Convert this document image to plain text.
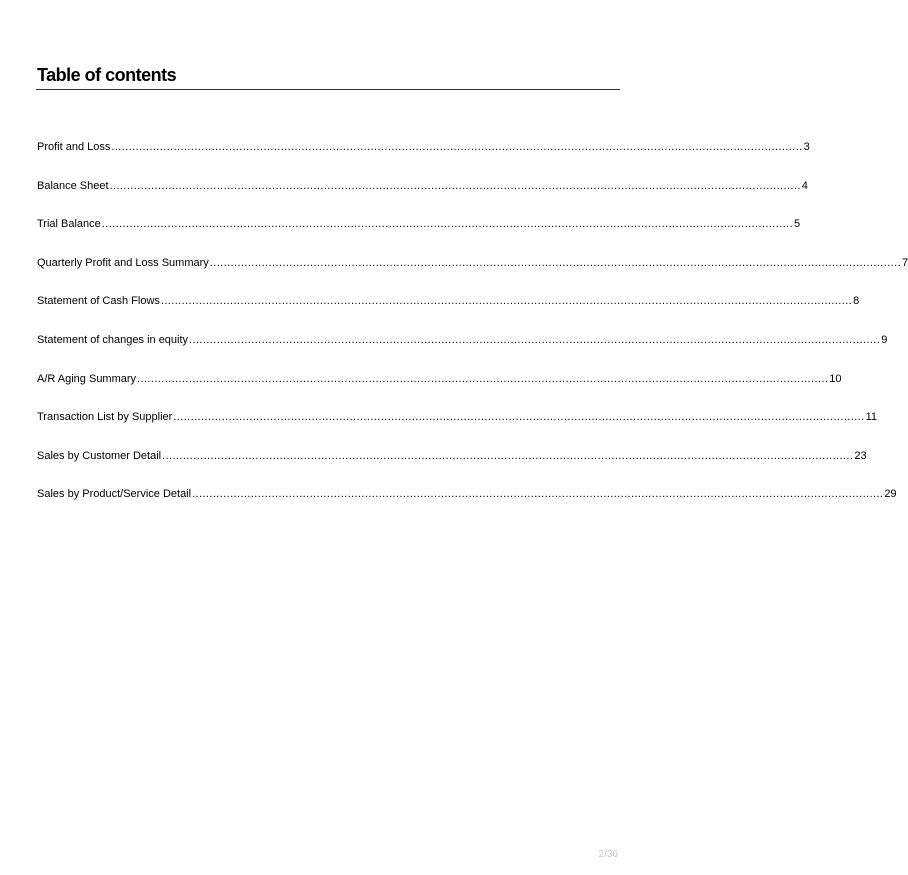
Table of contents
Profit and Loss ........................................................................................................................................................................................................ 3
Balance Sheet ........................................................................................................................................................................................................ 4
Trial Balance ........................................................................................................................................................................................................ 5
Quarterly Profit and Loss Summary ........................................................................................................................................................................................................ 7
Statement of Cash Flows ........................................................................................................................................................................................................ 8
Statement of changes in equity ........................................................................................................................................................................................................ 9
A/R Aging Summary ........................................................................................................................................................................................................ 10
Transaction List by Supplier ........................................................................................................................................................................................................ 11
Sales by Customer Detail ........................................................................................................................................................................................................ 23
Sales by Product/Service Detail ........................................................................................................................................................................................................ 29
2/36
